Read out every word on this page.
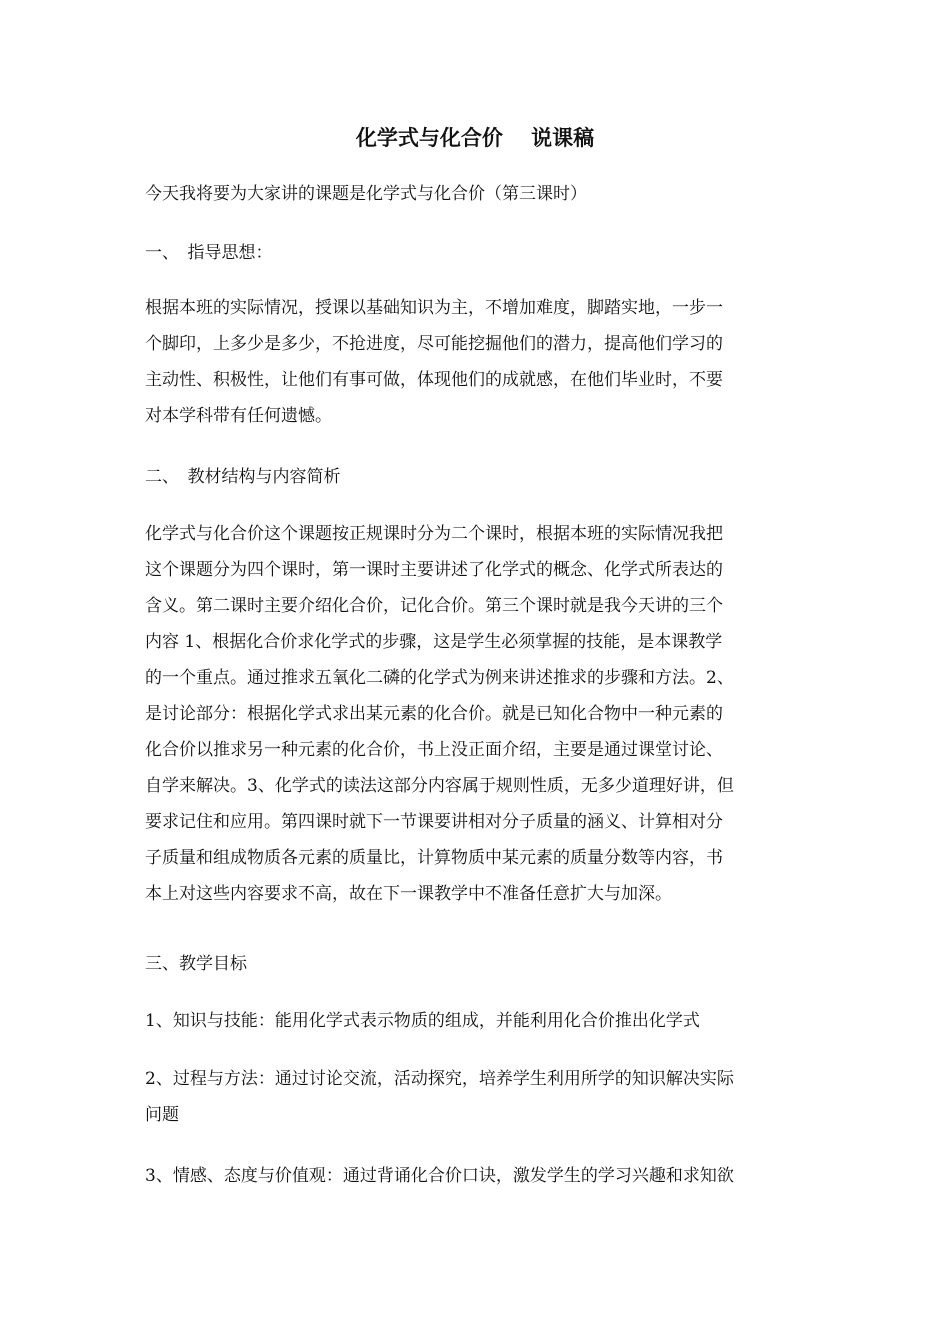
化学式与化合价　 说课稿
今天我将要为大家讲的课题是化学式与化合价（第三课时）
一、　指导思想：
根据本班的实际情况，授课以基础知识为主，不增加难度，脚踏实地，一步一
个脚印，上多少是多少，不抢进度，尽可能挖掘他们的潜力，提高他们学习的
主动性、积极性，让他们有事可做，体现他们的成就感，在他们毕业时，不要
对本学科带有任何遗憾。
二、　教材结构与内容简析
化学式与化合价这个课题按正规课时分为二个课时，根据本班的实际情况我把
这个课题分为四个课时，第一课时主要讲述了化学式的概念、化学式所表达的
含义。第二课时主要介绍化合价，记化合价。第三个课时就是我今天讲的三个
内容 1、根据化合价求化学式的步骤，这是学生必须掌握的技能，是本课教学
的一个重点。通过推求五氧化二磷的化学式为例来讲述推求的步骤和方法。2、
是讨论部分：根据化学式求出某元素的化合价。就是已知化合物中一种元素的
化合价以推求另一种元素的化合价，书上没正面介绍，主要是通过课堂讨论、
自学来解决。3、化学式的读法这部分内容属于规则性质，无多少道理好讲，但
要求记住和应用。第四课时就下一节课要讲相对分子质量的涵义、计算相对分
子质量和组成物质各元素的质量比，计算物质中某元素的质量分数等内容，书
本上对这些内容要求不高，故在下一课教学中不准备任意扩大与加深。
三、教学目标
1、知识与技能：能用化学式表示物质的组成，并能利用化合价推出化学式
2、过程与方法：通过讨论交流，活动探究，培养学生利用所学的知识解决实际
问题
3、情感、态度与价值观：通过背诵化合价口诀，激发学生的学习兴趣和求知欲
